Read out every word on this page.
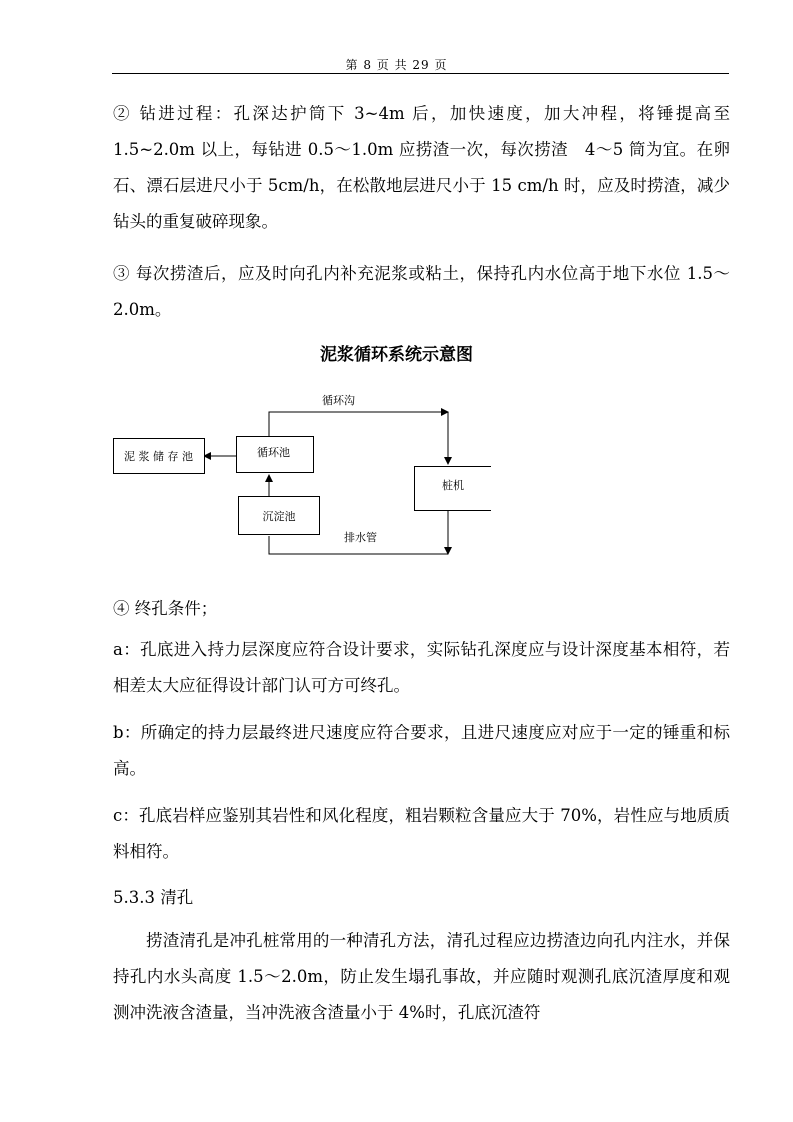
第 8 页 共 29 页

② 钻进过程：孔深达护筒下 3~4m 后，加快速度，加大冲程，将锤提高至 1.5~2.0m 以上，每钻进 0.5～1.0m 应捞渣一次，每次捞渣　4～5 筒为宜。在卵石、漂石层进尺小于 5cm/h，在松散地层进尺小于 15 cm/h 时，应及时捞渣，减少钻头的重复破碎现象。

③ 每次捞渣后，应及时向孔内补充泥浆或粘土，保持孔内水位高于地下水位 1.5～2.0m。

泥浆循环系统示意图

泥 浆 储 存 池	循环池
沉淀池
桩机
循环沟
排水管
④ 终孔条件；

a：孔底进入持力层深度应符合设计要求，实际钻孔深度应与设计深度基本相符，若相差太大应征得设计部门认可方可终孔。

b：所确定的持力层最终进尺速度应符合要求，且进尺速度应对应于一定的锤重和标高。

c：孔底岩样应鉴别其岩性和风化程度，粗岩颗粒含量应大于 70%，岩性应与地质质料相符。

5.3.3 清孔

捞渣清孔是冲孔桩常用的一种清孔方法，清孔过程应边捞渣边向孔内注水，并保持孔内水头高度 1.5～2.0m，防止发生塌孔事故，并应随时观测孔底沉渣厚度和观测冲洗液含渣量，当冲洗液含渣量小于 4%时，孔底沉渣符
